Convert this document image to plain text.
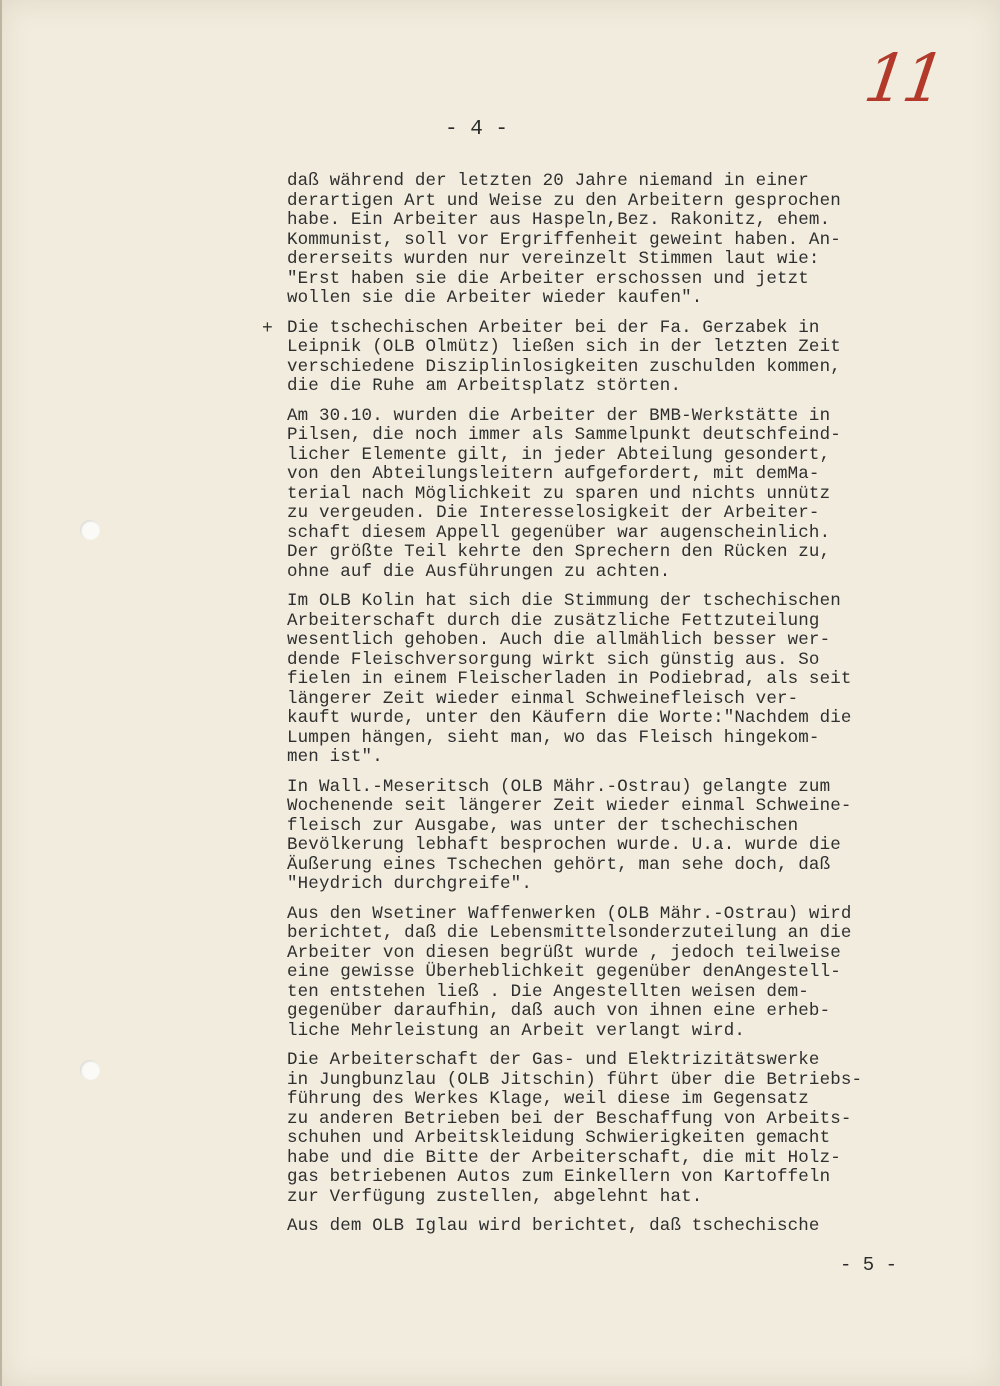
11
- 4 -
+
daß während der letzten 20 Jahre niemand in einer
derartigen Art und Weise zu den Arbeitern gesprochen
habe. Ein Arbeiter aus Haspeln,Bez. Rakonitz, ehem.
Kommunist, soll vor Ergriffenheit geweint haben. An-
dererseits wurden nur vereinzelt Stimmen laut wie:
"Erst haben sie die Arbeiter erschossen und jetzt
wollen sie die Arbeiter wieder kaufen".
Die tschechischen Arbeiter bei der Fa. Gerzabek in
Leipnik (OLB Olmütz) ließen sich in der letzten Zeit
verschiedene Disziplinlosigkeiten zuschulden kommen,
die die Ruhe am Arbeitsplatz störten.
Am 30.10. wurden die Arbeiter der BMB-Werkstätte in
Pilsen, die noch immer als Sammelpunkt deutschfeind-
licher Elemente gilt, in jeder Abteilung gesondert,
von den Abteilungsleitern aufgefordert, mit demMa-
terial nach Möglichkeit zu sparen und nichts unnütz
zu vergeuden. Die Interesselosigkeit der Arbeiter-
schaft diesem Appell gegenüber war augenscheinlich.
Der größte Teil kehrte den Sprechern den Rücken zu,
ohne auf die Ausführungen zu achten.
Im OLB Kolin hat sich die Stimmung der tschechischen
Arbeiterschaft durch die zusätzliche Fettzuteilung
wesentlich gehoben. Auch die allmählich besser wer-
dende Fleischversorgung wirkt sich günstig aus. So
fielen in einem Fleischerladen in Podiebrad, als seit
längerer Zeit wieder einmal Schweinefleisch ver-
kauft wurde, unter den Käufern die Worte:"Nachdem die
Lumpen hängen, sieht man, wo das Fleisch hingekom-
men ist".
In Wall.-Meseritsch (OLB Mähr.-Ostrau) gelangte zum
Wochenende seit längerer Zeit wieder einmal Schweine-
fleisch zur Ausgabe, was unter der tschechischen
Bevölkerung lebhaft besprochen wurde. U.a. wurde die
Äußerung eines Tschechen gehört, man sehe doch, daß
"Heydrich durchgreife".
Aus den Wsetiner Waffenwerken (OLB Mähr.-Ostrau) wird
berichtet, daß die Lebensmittelsonderzuteilung an die
Arbeiter von diesen begrüßt wurde , jedoch teilweise
eine gewisse Überheblichkeit gegenüber denAngestell-
ten entstehen ließ . Die Angestellten weisen dem-
gegenüber daraufhin, daß auch von ihnen eine erheb-
liche Mehrleistung an Arbeit verlangt wird.
Die Arbeiterschaft der Gas- und Elektrizitätswerke
in Jungbunzlau (OLB Jitschin) führt über die Betriebs-
führung des Werkes Klage, weil diese im Gegensatz
zu anderen Betrieben bei der Beschaffung von Arbeits-
schuhen und Arbeitskleidung Schwierigkeiten gemacht
habe und die Bitte der Arbeiterschaft, die mit Holz-
gas betriebenen Autos zum Einkellern von Kartoffeln
zur Verfügung zustellen, abgelehnt hat.
Aus dem OLB Iglau wird berichtet, daß tschechische
- 5 -
